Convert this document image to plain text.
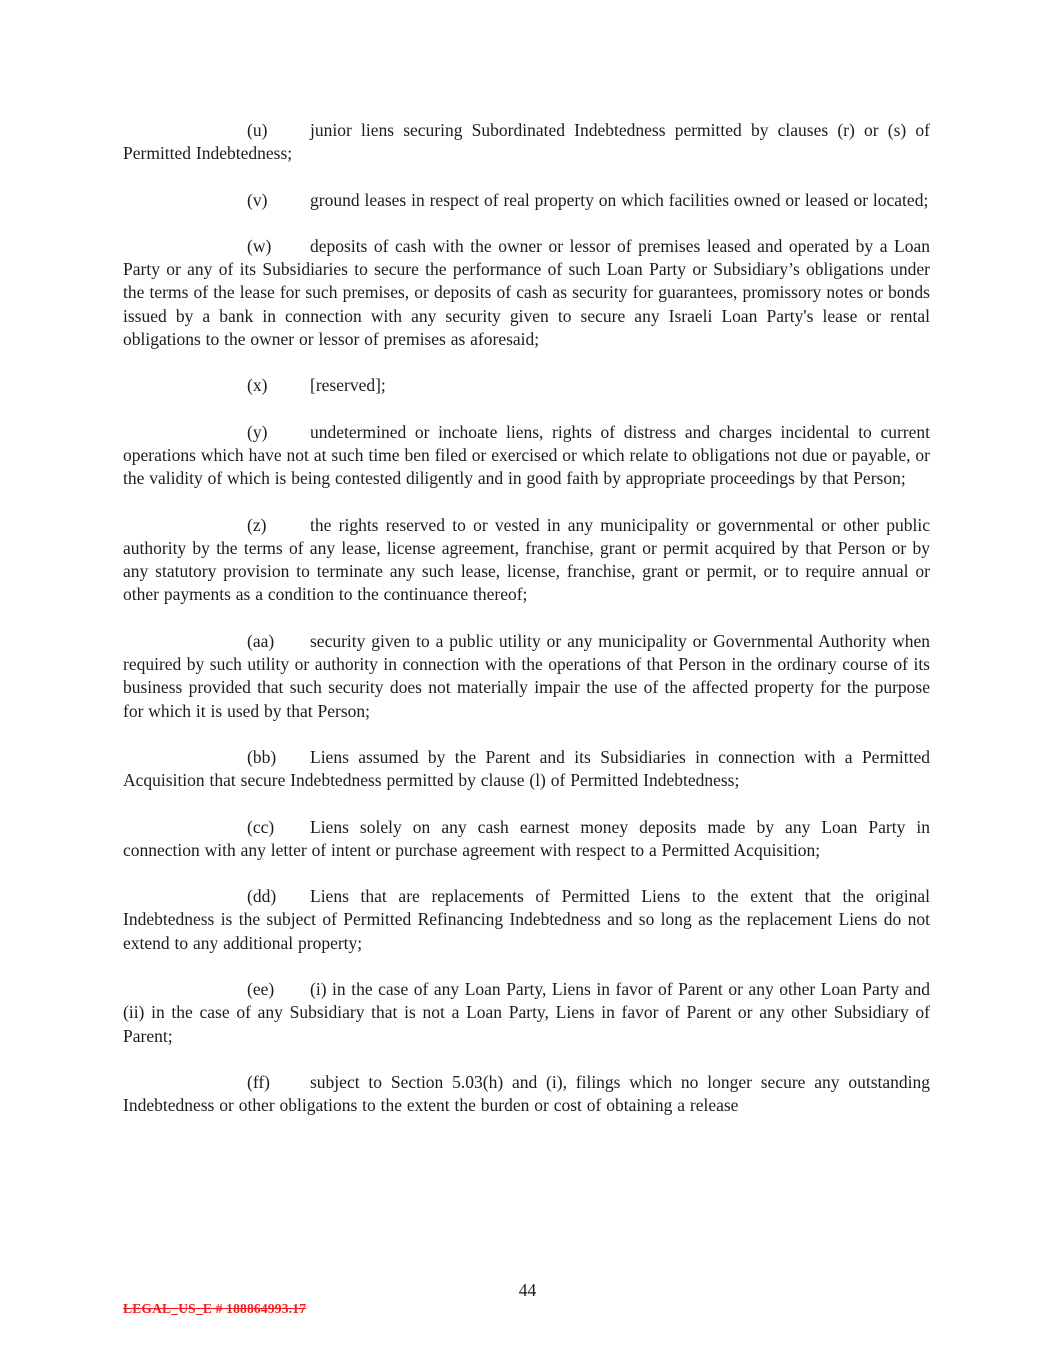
(u) junior liens securing Subordinated Indebtedness permitted by clauses (r) or (s) of Permitted Indebtedness;

(v) ground leases in respect of real property on which facilities owned or leased or located;

(w) deposits of cash with the owner or lessor of premises leased and operated by a Loan Party or any of its Subsidiaries to secure the performance of such Loan Party or Subsidiary’s obligations under the terms of the lease for such premises, or deposits of cash as security for guarantees, promissory notes or bonds issued by a bank in connection with any security given to secure any Israeli Loan Party's lease or rental obligations to the owner or lessor of premises as aforesaid;

(x) [reserved];

(y) undetermined or inchoate liens, rights of distress and charges incidental to current operations which have not at such time ben filed or exercised or which relate to obligations not due or payable, or the validity of which is being contested diligently and in good faith by appropriate proceedings by that Person;

(z) the rights reserved to or vested in any municipality or governmental or other public authority by the terms of any lease, license agreement, franchise, grant or permit acquired by that Person or by any statutory provision to terminate any such lease, license, franchise, grant or permit, or to require annual or other payments as a condition to the continuance thereof;

(aa) security given to a public utility or any municipality or Governmental Authority when required by such utility or authority in connection with the operations of that Person in the ordinary course of its business provided that such security does not materially impair the use of the affected property for the purpose for which it is used by that Person;

(bb) Liens assumed by the Parent and its Subsidiaries in connection with a Permitted Acquisition that secure Indebtedness permitted by clause (l) of Permitted Indebtedness;

(cc) Liens solely on any cash earnest money deposits made by any Loan Party in connection with any letter of intent or purchase agreement with respect to a Permitted Acquisition;

(dd) Liens that are replacements of Permitted Liens to the extent that the original Indebtedness is the subject of Permitted Refinancing Indebtedness and so long as the replacement Liens do not extend to any additional property;

(ee) (i) in the case of any Loan Party, Liens in favor of Parent or any other Loan Party and (ii) in the case of any Subsidiary that is not a Loan Party, Liens in favor of Parent or any other Subsidiary of Parent;

(ff) subject to Section 5.03(h) and (i), filings which no longer secure any outstanding Indebtedness or other obligations to the extent the burden or cost of obtaining a release

44
LEGAL_US_E # 188864993.17
